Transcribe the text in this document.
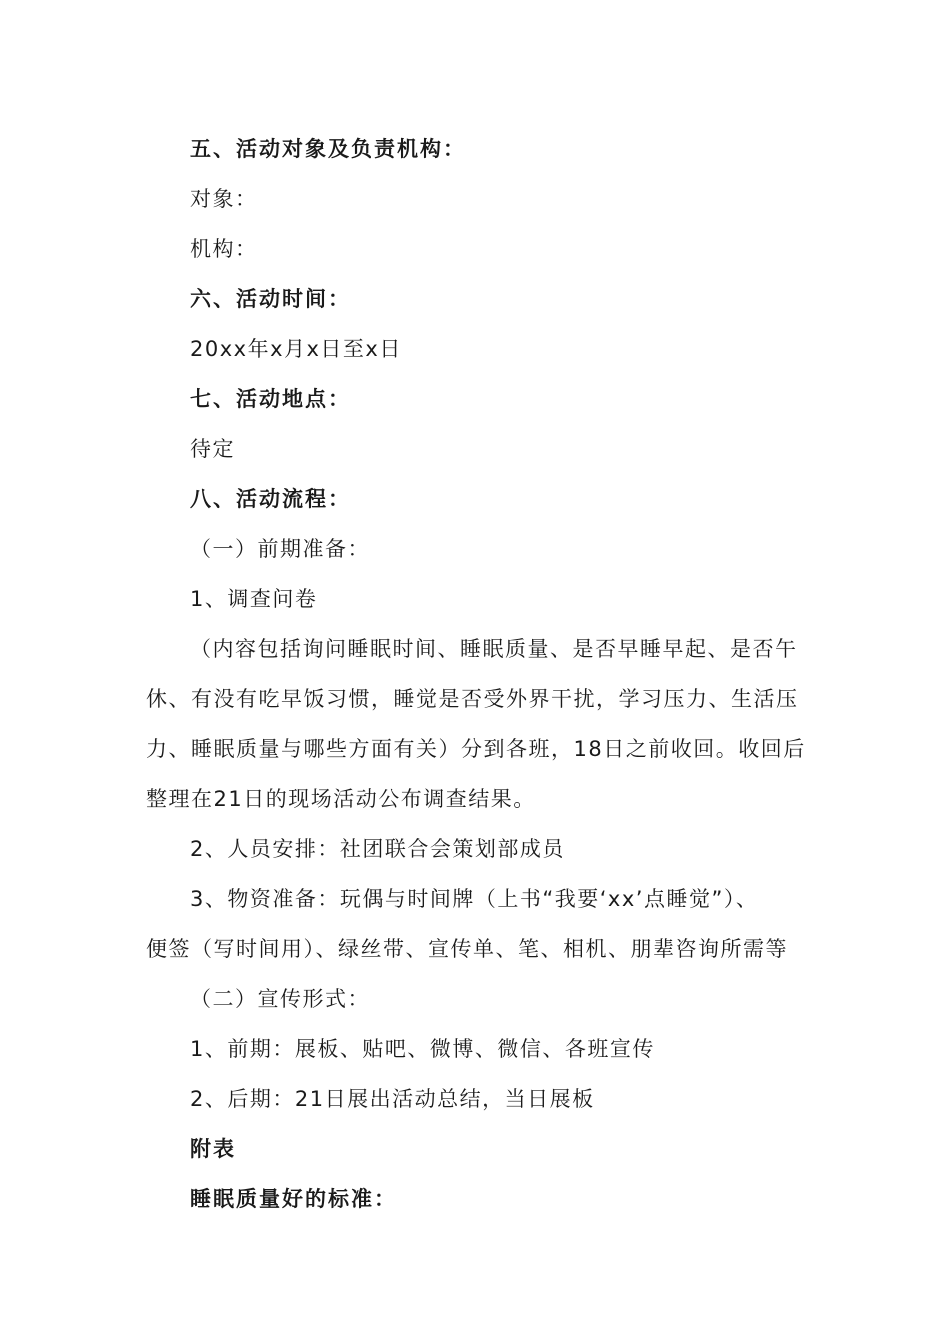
五、活动对象及负责机构：

对象：

机构：

六、活动时间：

20xx年x月x日至x日

七、活动地点：

待定

八、活动流程：

（一）前期准备：

1、调查问卷

（内容包括询问睡眠时间、睡眠质量、是否早睡早起、是否午
休、有没有吃早饭习惯，睡觉是否受外界干扰，学习压力、生活压
力、睡眠质量与哪些方面有关）分到各班，18日之前收回。收回后
整理在21日的现场活动公布调查结果。

2、人员安排：社团联合会策划部成员

3、物资准备：玩偶与时间牌（上书“我要‘xx’点睡觉”）、
便签（写时间用）、绿丝带、宣传单、笔、相机、朋辈咨询所需等

（二）宣传形式：

1、前期：展板、贴吧、微博、微信、各班宣传

2、后期：21日展出活动总结，当日展板

附表

睡眠质量好的标准：
